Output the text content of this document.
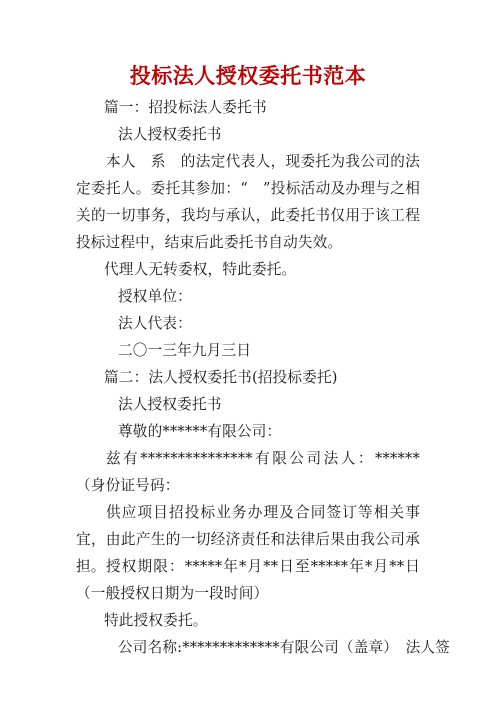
投标法人授权委托书范本
篇一：招投标法人委托书
法人授权委托书
本人　系　的法定代表人，现委托为我公司的法定委托人。委托其参加：“　”投标活动及办理与之相关的一切事务，我均与承认，此委托书仅用于该工程投标过程中，结束后此委托书自动失效。
代理人无转委权，特此委托。
授权单位：
法人代表：
二〇一三年九月三日
篇二：法人授权委托书(招投标委托)
法人授权委托书
尊敬的******有限公司：
兹有***************有限公司法人：******（身份证号码：
供应项目招投标业务办理及合同签订等相关事宜，由此产生的一切经济责任和法律后果由我公司承担。 授权期限：*****年*月**日至*****年*月**日（一般授权日期为一段时间）
特此授权委托。
公司名称:*************有限公司（盖章）　法人签
